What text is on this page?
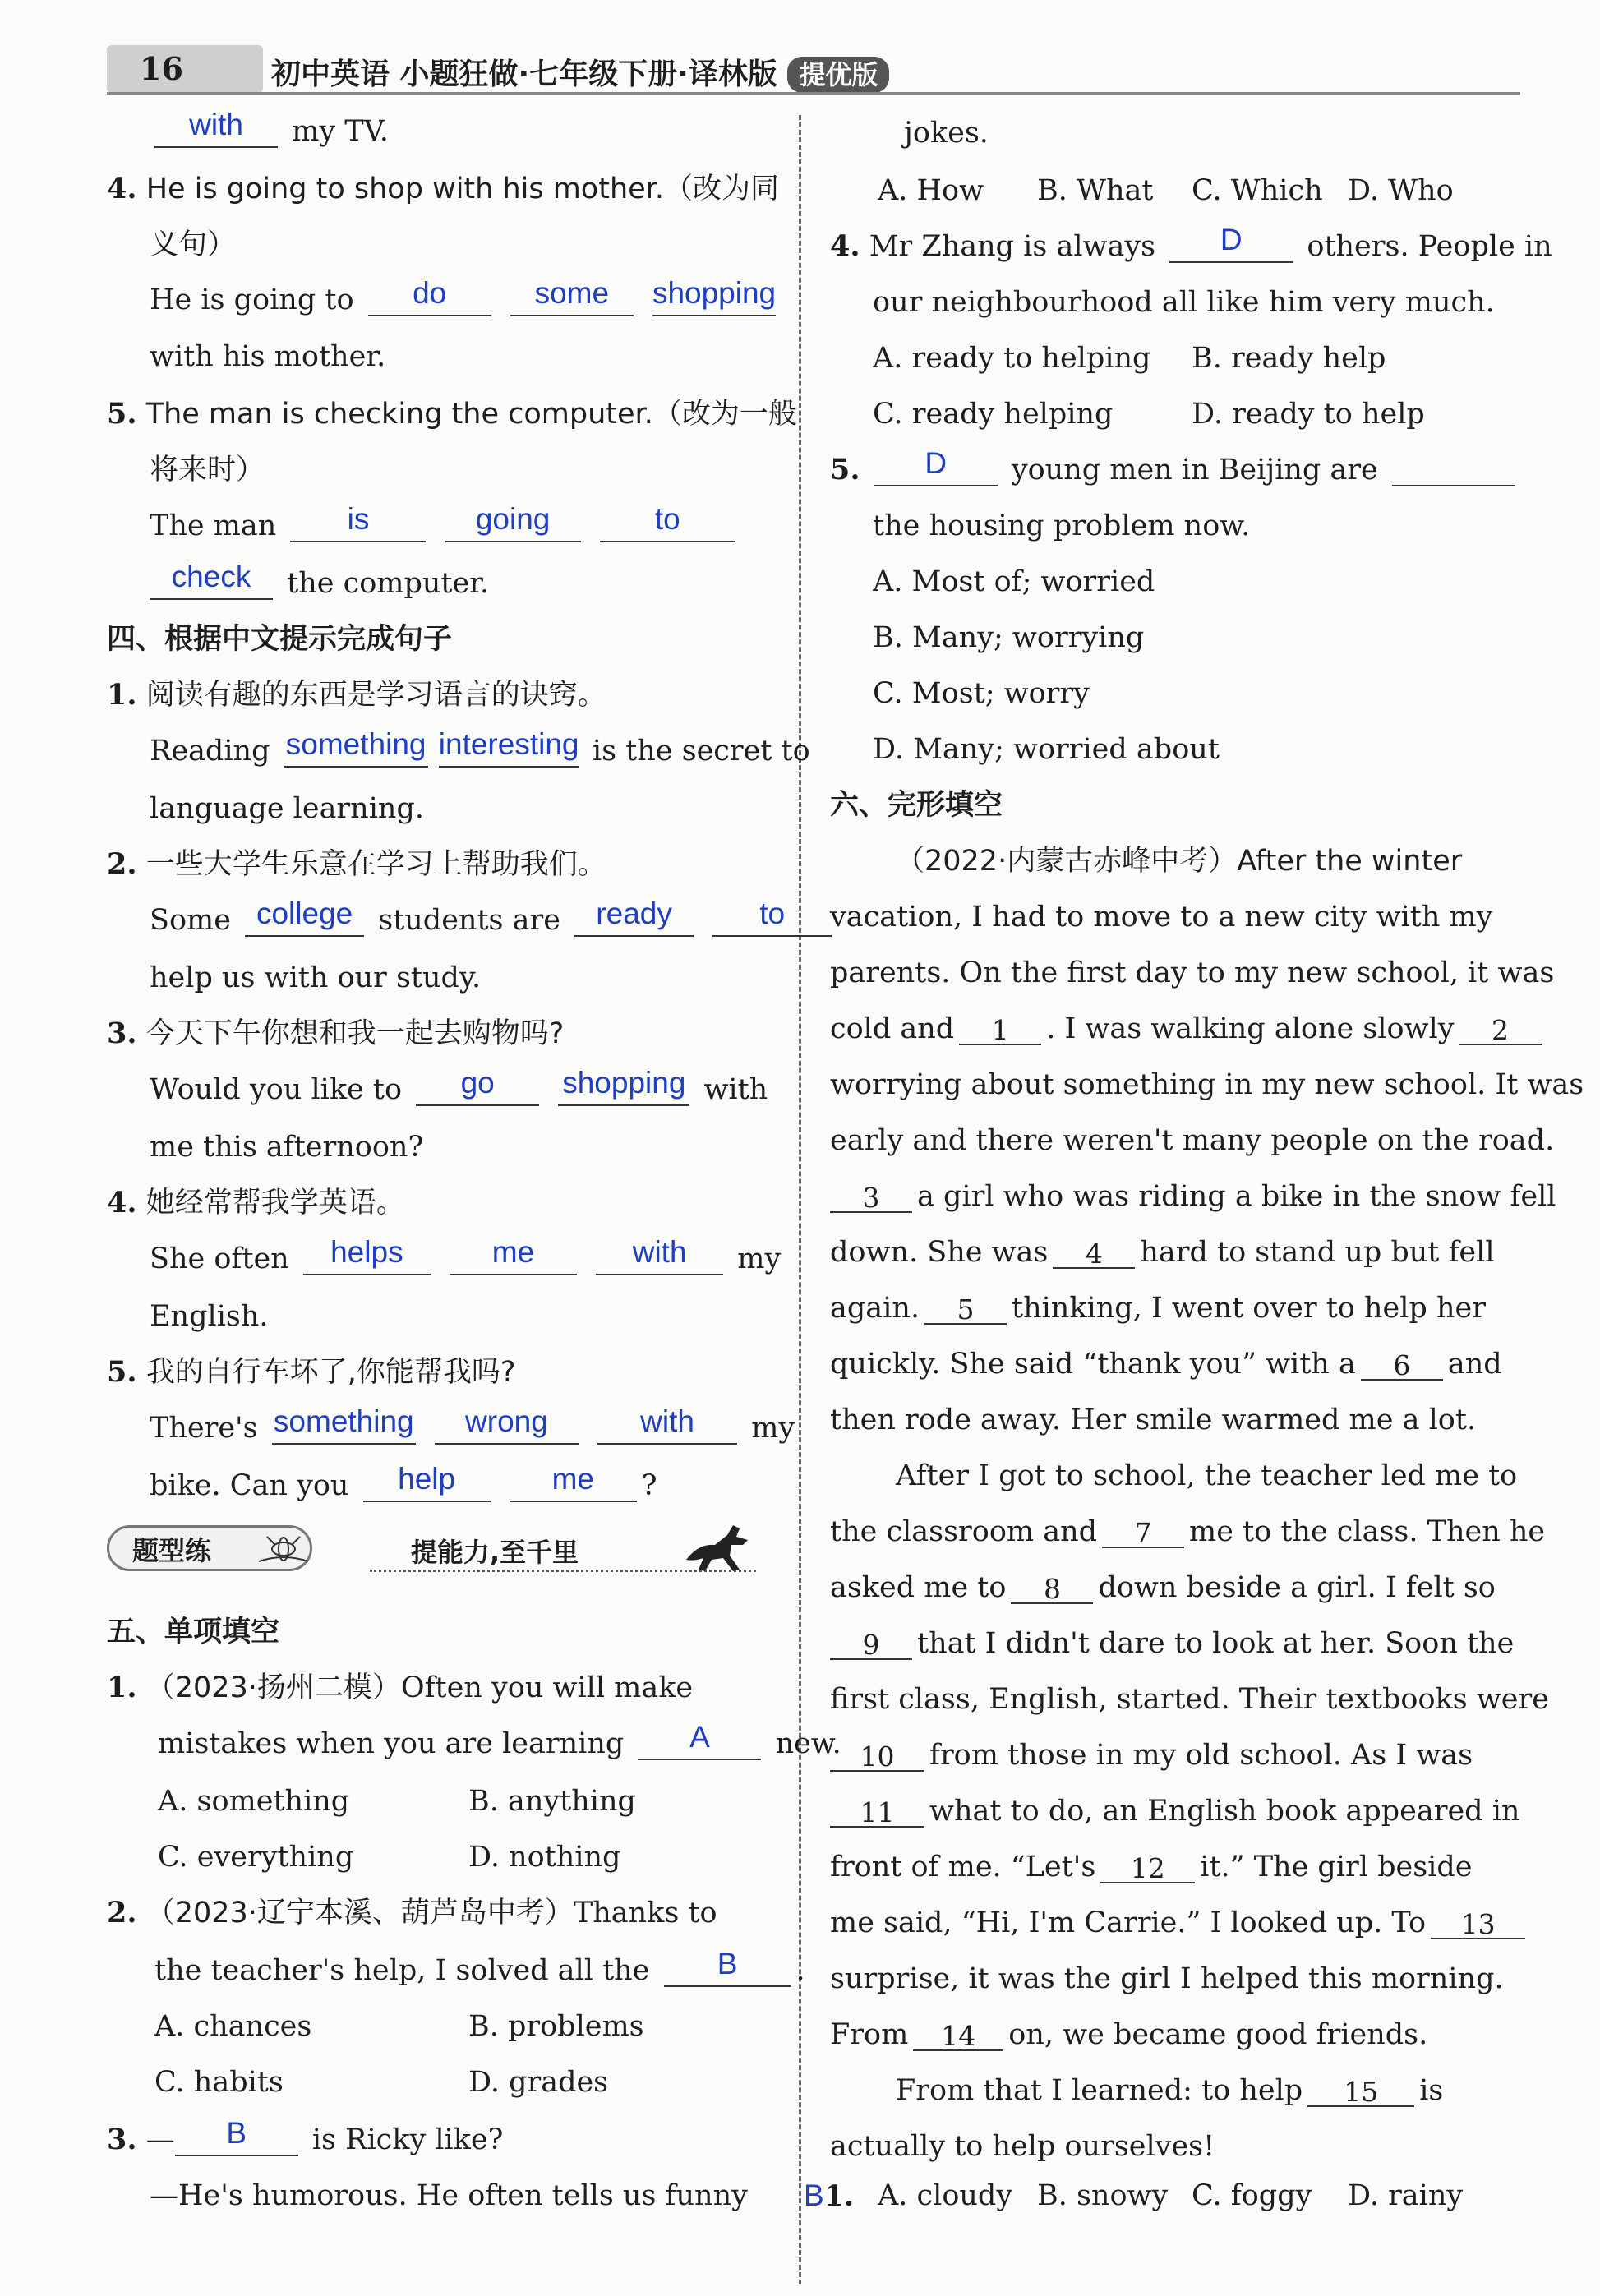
16	初中英语 小题狂做·七年级下册·译林版 提优版
with my TV.
4. He is going to shop with his mother.（改为同
义句）
He is going to do	some shopping
with his mother.
5. The man is checking the computer.（改为一般
将来时）
The man is	going	to
check the computer.
四、根据中文提示完成句子
1. 阅读有趣的东西是学习语言的诀窍。
Reading something interesting is the secret to
language learning.
2. 一些大学生乐意在学习上帮助我们。
Some college students are ready	to
help us with our study.
3. 今天下午你想和我一起去购物吗?
Would you like to go shopping with
me this afternoon?
4. 她经常帮我学英语。
She often helps	me	with my
English.
5. 我的自行车坏了,你能帮我吗?
There's something wrong	with my
bike. Can you help	me ?
题型练	提能力,至千里
五、单项填空
1. （2023·扬州二模）Often you will make
mistakes when you are learning A new.
A. something	B. anything
C. everything	D. nothing
2. （2023·辽宁本溪、葫芦岛中考）Thanks to
the teacher's help, I solved all the B .
A. chances	B. problems
C. habits	D. grades
3. — B is Ricky like?
—He's humorous. He often tells us funny
jokes.
A. How B. What C. Which D. Who
4. Mr Zhang is always D others. People in
our neighbourhood all like him very much.
A. ready to helping B. ready help
C. ready helping	D. ready to help
5. D young men in Beijing are
the housing problem now.
A. Most of; worried
B. Many; worrying
C. Most; worry
D. Many; worried about
六、完形填空
（2022·内蒙古赤峰中考）After the winter
vacation, I had to move to a new city with my
parents. On the first day to my new school, it was
cold and 1 . I was walking alone slowly 2
worrying about something in my new school. It was
early and there weren't many people on the road.
3 a girl who was riding a bike in the snow fell
down. She was 4 hard to stand up but fell
again. 5 thinking, I went over to help her
quickly. She said “thank you” with a 6 and
then rode away. Her smile warmed me a lot.
After I got to school, the teacher led me to
the classroom and 7 me to the class. Then he
asked me to 8 down beside a girl. I felt so
9 that I didn't dare to look at her. Soon the
first class, English, started. Their textbooks were
10 from those in my old school. As I was
11 what to do, an English book appeared in
front of me. “Let's 12 it.” The girl beside
me said, “Hi, I'm Carrie.” I looked up. To 13
surprise, it was the girl I helped this morning.
From 14 on, we became good friends.
From that I learned: to help 15 is
actually to help ourselves!
B1. A. cloudy B. snowy C. foggy D. rainy
